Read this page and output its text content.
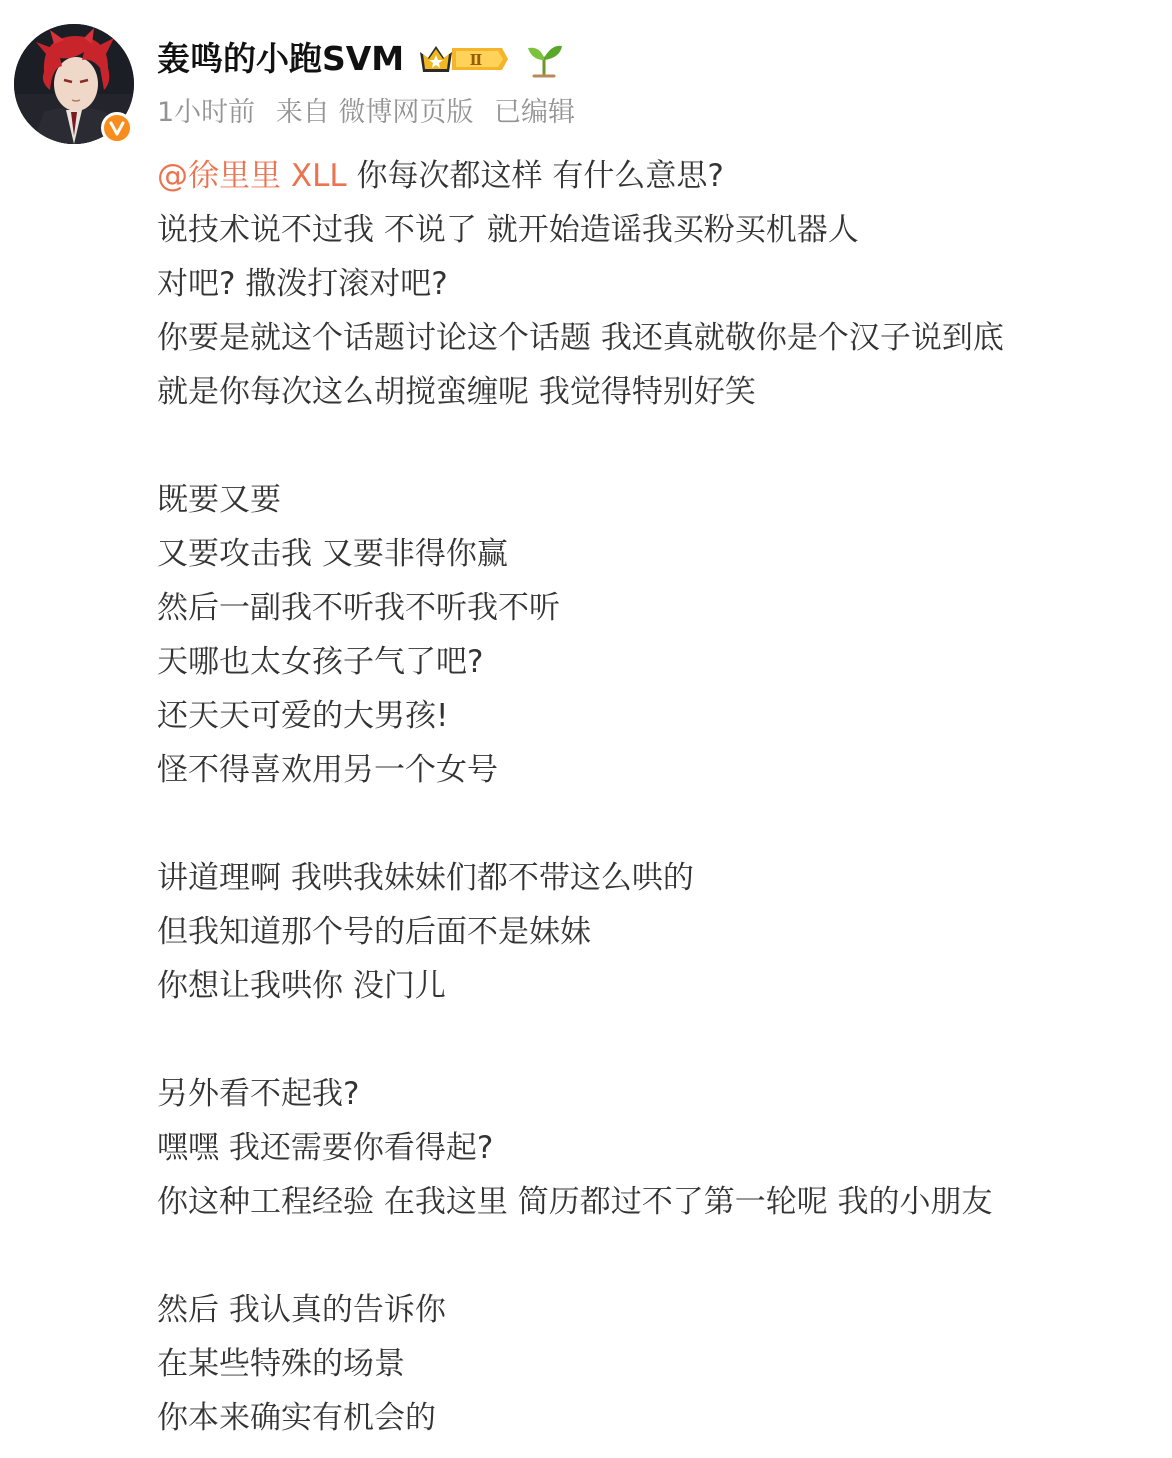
轰鸣的小跑SVM	Ⅱ
1小时前 来自 微博网页版 已编辑
@徐里里 XLL 你每次都这样 有什么意思?
说技术说不过我 不说了 就开始造谣我买粉买机器人
对吧? 撒泼打滚对吧?
你要是就这个话题讨论这个话题 我还真就敬你是个汉子说到底
就是你每次这么胡搅蛮缠呢 我觉得特别好笑
既要又要
又要攻击我 又要非得你赢
然后一副我不听我不听我不听
天哪也太女孩子气了吧?
还天天可爱的大男孩!
怪不得喜欢用另一个女号
讲道理啊 我哄我妹妹们都不带这么哄的
但我知道那个号的后面不是妹妹
你想让我哄你 没门儿
另外看不起我?
嘿嘿 我还需要你看得起?
你这种工程经验 在我这里 简历都过不了第一轮呢 我的小朋友
然后 我认真的告诉你
在某些特殊的场景
你本来确实有机会的
